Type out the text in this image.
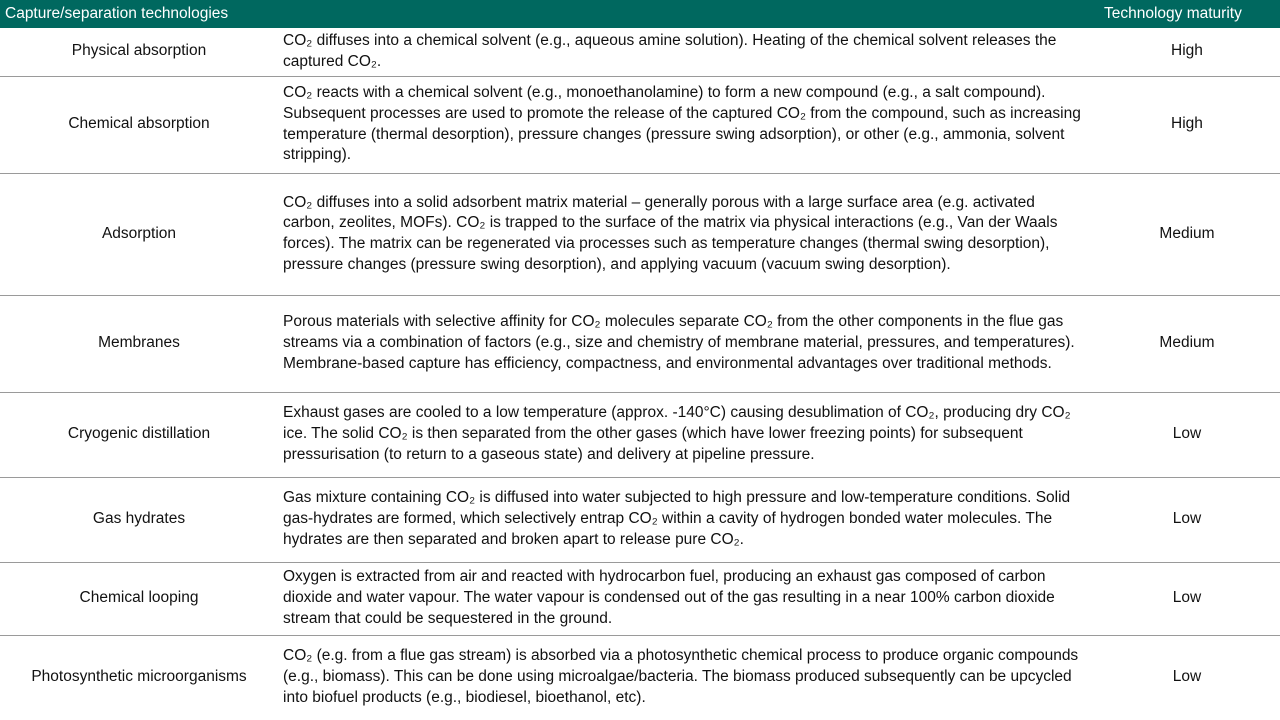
Capture/separation technologies		Technology maturity
Physical absorption	CO₂ diffuses into a chemical solvent (e.g., aqueous amine solution). Heating of the chemical solvent releases the captured CO₂.	High
Chemical absorption	CO₂ reacts with a chemical solvent (e.g., monoethanolamine) to form a new compound (e.g., a salt compound). Subsequent processes are used to promote the release of the captured CO₂ from the compound, such as increasing temperature (thermal desorption), pressure changes (pressure swing adsorption), or other (e.g., ammonia, solvent stripping).	High
Adsorption	CO₂ diffuses into a solid adsorbent matrix material – generally porous with a large surface area (e.g. activated carbon, zeolites, MOFs). CO₂ is trapped to the surface of the matrix via physical interactions (e.g., Van der Waals forces). The matrix can be regenerated via processes such as temperature changes (thermal swing desorption), pressure changes (pressure swing desorption), and applying vacuum (vacuum swing desorption).	Medium
Membranes	Porous materials with selective affinity for CO₂ molecules separate CO₂ from the other components in the flue gas streams via a combination of factors (e.g., size and chemistry of membrane material, pressures, and temperatures). Membrane-based capture has efficiency, compactness, and environmental advantages over traditional methods.	Medium
Cryogenic distillation	Exhaust gases are cooled to a low temperature (approx. -140°C) causing desublimation of CO₂, producing dry CO₂ ice. The solid CO₂ is then separated from the other gases (which have lower freezing points) for subsequent pressurisation (to return to a gaseous state) and delivery at pipeline pressure.	Low
Gas hydrates	Gas mixture containing CO₂ is diffused into water subjected to high pressure and low-temperature conditions. Solid gas-hydrates are formed, which selectively entrap CO₂ within a cavity of hydrogen bonded water molecules. The hydrates are then separated and broken apart to release pure CO₂.	Low
Chemical looping	Oxygen is extracted from air and reacted with hydrocarbon fuel, producing an exhaust gas composed of carbon dioxide and water vapour. The water vapour is condensed out of the gas resulting in a near 100% carbon dioxide stream that could be sequestered in the ground.	Low
Photosynthetic microorganisms	CO₂ (e.g. from a flue gas stream) is absorbed via a photosynthetic chemical process to produce organic compounds (e.g., biomass). This can be done using microalgae/bacteria. The biomass produced subsequently can be upcycled into biofuel products (e.g., biodiesel, bioethanol, etc).	Low
